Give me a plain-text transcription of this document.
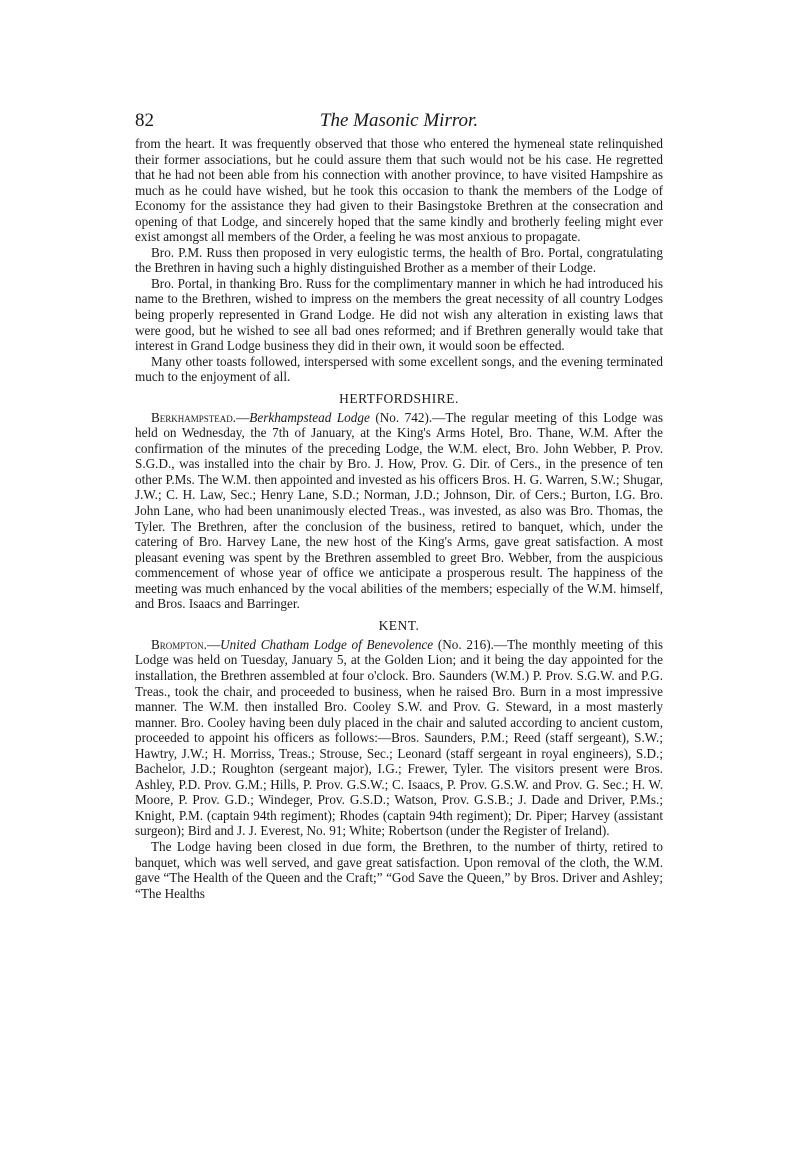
82	The Masonic Mirror.

from the heart. It was frequently observed that those who entered the hymeneal state relinquished their former associations, but he could assure them that such would not be his case. He regretted that he had not been able from his connection with another province, to have visited Hampshire as much as he could have wished, but he took this occasion to thank the members of the Lodge of Economy for the assistance they had given to their Basingstoke Brethren at the consecration and opening of that Lodge, and sincerely hoped that the same kindly and brotherly feeling might ever exist amongst all members of the Order, a feeling he was most anxious to propagate.

Bro. P.M. Russ then proposed in very eulogistic terms, the health of Bro. Portal, congratulating the Brethren in having such a highly distinguished Brother as a member of their Lodge.

Bro. Portal, in thanking Bro. Russ for the complimentary manner in which he had introduced his name to the Brethren, wished to impress on the members the great necessity of all country Lodges being properly represented in Grand Lodge. He did not wish any alteration in existing laws that were good, but he wished to see all bad ones reformed; and if Brethren generally would take that interest in Grand Lodge business they did in their own, it would soon be effected.

Many other toasts followed, interspersed with some excellent songs, and the evening terminated much to the enjoyment of all.

HERTFORDSHIRE.

Berkhampstead.—Berkhampstead Lodge (No. 742).—The regular meeting of this Lodge was held on Wednesday, the 7th of January, at the King's Arms Hotel, Bro. Thane, W.M. After the confirmation of the minutes of the preceding Lodge, the W.M. elect, Bro. John Webber, P. Prov. S.G.D., was installed into the chair by Bro. J. How, Prov. G. Dir. of Cers., in the presence of ten other P.Ms. The W.M. then appointed and invested as his officers Bros. H. G. Warren, S.W.; Shugar, J.W.; C. H. Law, Sec.; Henry Lane, S.D.; Norman, J.D.; Johnson, Dir. of Cers.; Burton, I.G. Bro. John Lane, who had been unanimously elected Treas., was invested, as also was Bro. Thomas, the Tyler. The Brethren, after the conclusion of the business, retired to banquet, which, under the catering of Bro. Harvey Lane, the new host of the King's Arms, gave great satisfaction. A most pleasant evening was spent by the Brethren assembled to greet Bro. Webber, from the auspicious commencement of whose year of office we anticipate a prosperous result. The happiness of the meeting was much enhanced by the vocal abilities of the members; especially of the W.M. himself, and Bros. Isaacs and Barringer.

KENT.

Brompton.—United Chatham Lodge of Benevolence (No. 216).—The monthly meeting of this Lodge was held on Tuesday, January 5, at the Golden Lion; and it being the day appointed for the installation, the Brethren assembled at four o'clock. Bro. Saunders (W.M.) P. Prov. S.G.W. and P.G. Treas., took the chair, and proceeded to business, when he raised Bro. Burn in a most impressive manner. The W.M. then installed Bro. Cooley S.W. and Prov. G. Steward, in a most masterly manner. Bro. Cooley having been duly placed in the chair and saluted according to ancient custom, proceeded to appoint his officers as follows:—Bros. Saunders, P.M.; Reed (staff sergeant), S.W.; Hawtry, J.W.; H. Morriss, Treas.; Strouse, Sec.; Leonard (staff sergeant in royal engineers), S.D.; Bachelor, J.D.; Roughton (sergeant major), I.G.; Frewer, Tyler. The visitors present were Bros. Ashley, P.D. Prov. G.M.; Hills, P. Prov. G.S.W.; C. Isaacs, P. Prov. G.S.W. and Prov. G. Sec.; H. W. Moore, P. Prov. G.D.; Windeger, Prov. G.S.D.; Watson, Prov. G.S.B.; J. Dade and Driver, P.Ms.; Knight, P.M. (captain 94th regiment); Rhodes (captain 94th regiment); Dr. Piper; Harvey (assistant surgeon); Bird and J. J. Everest, No. 91; White; Robertson (under the Register of Ireland).

The Lodge having been closed in due form, the Brethren, to the number of thirty, retired to banquet, which was well served, and gave great satisfaction. Upon removal of the cloth, the W.M. gave “The Health of the Queen and the Craft;” “God Save the Queen,” by Bros. Driver and Ashley; “The Healths
